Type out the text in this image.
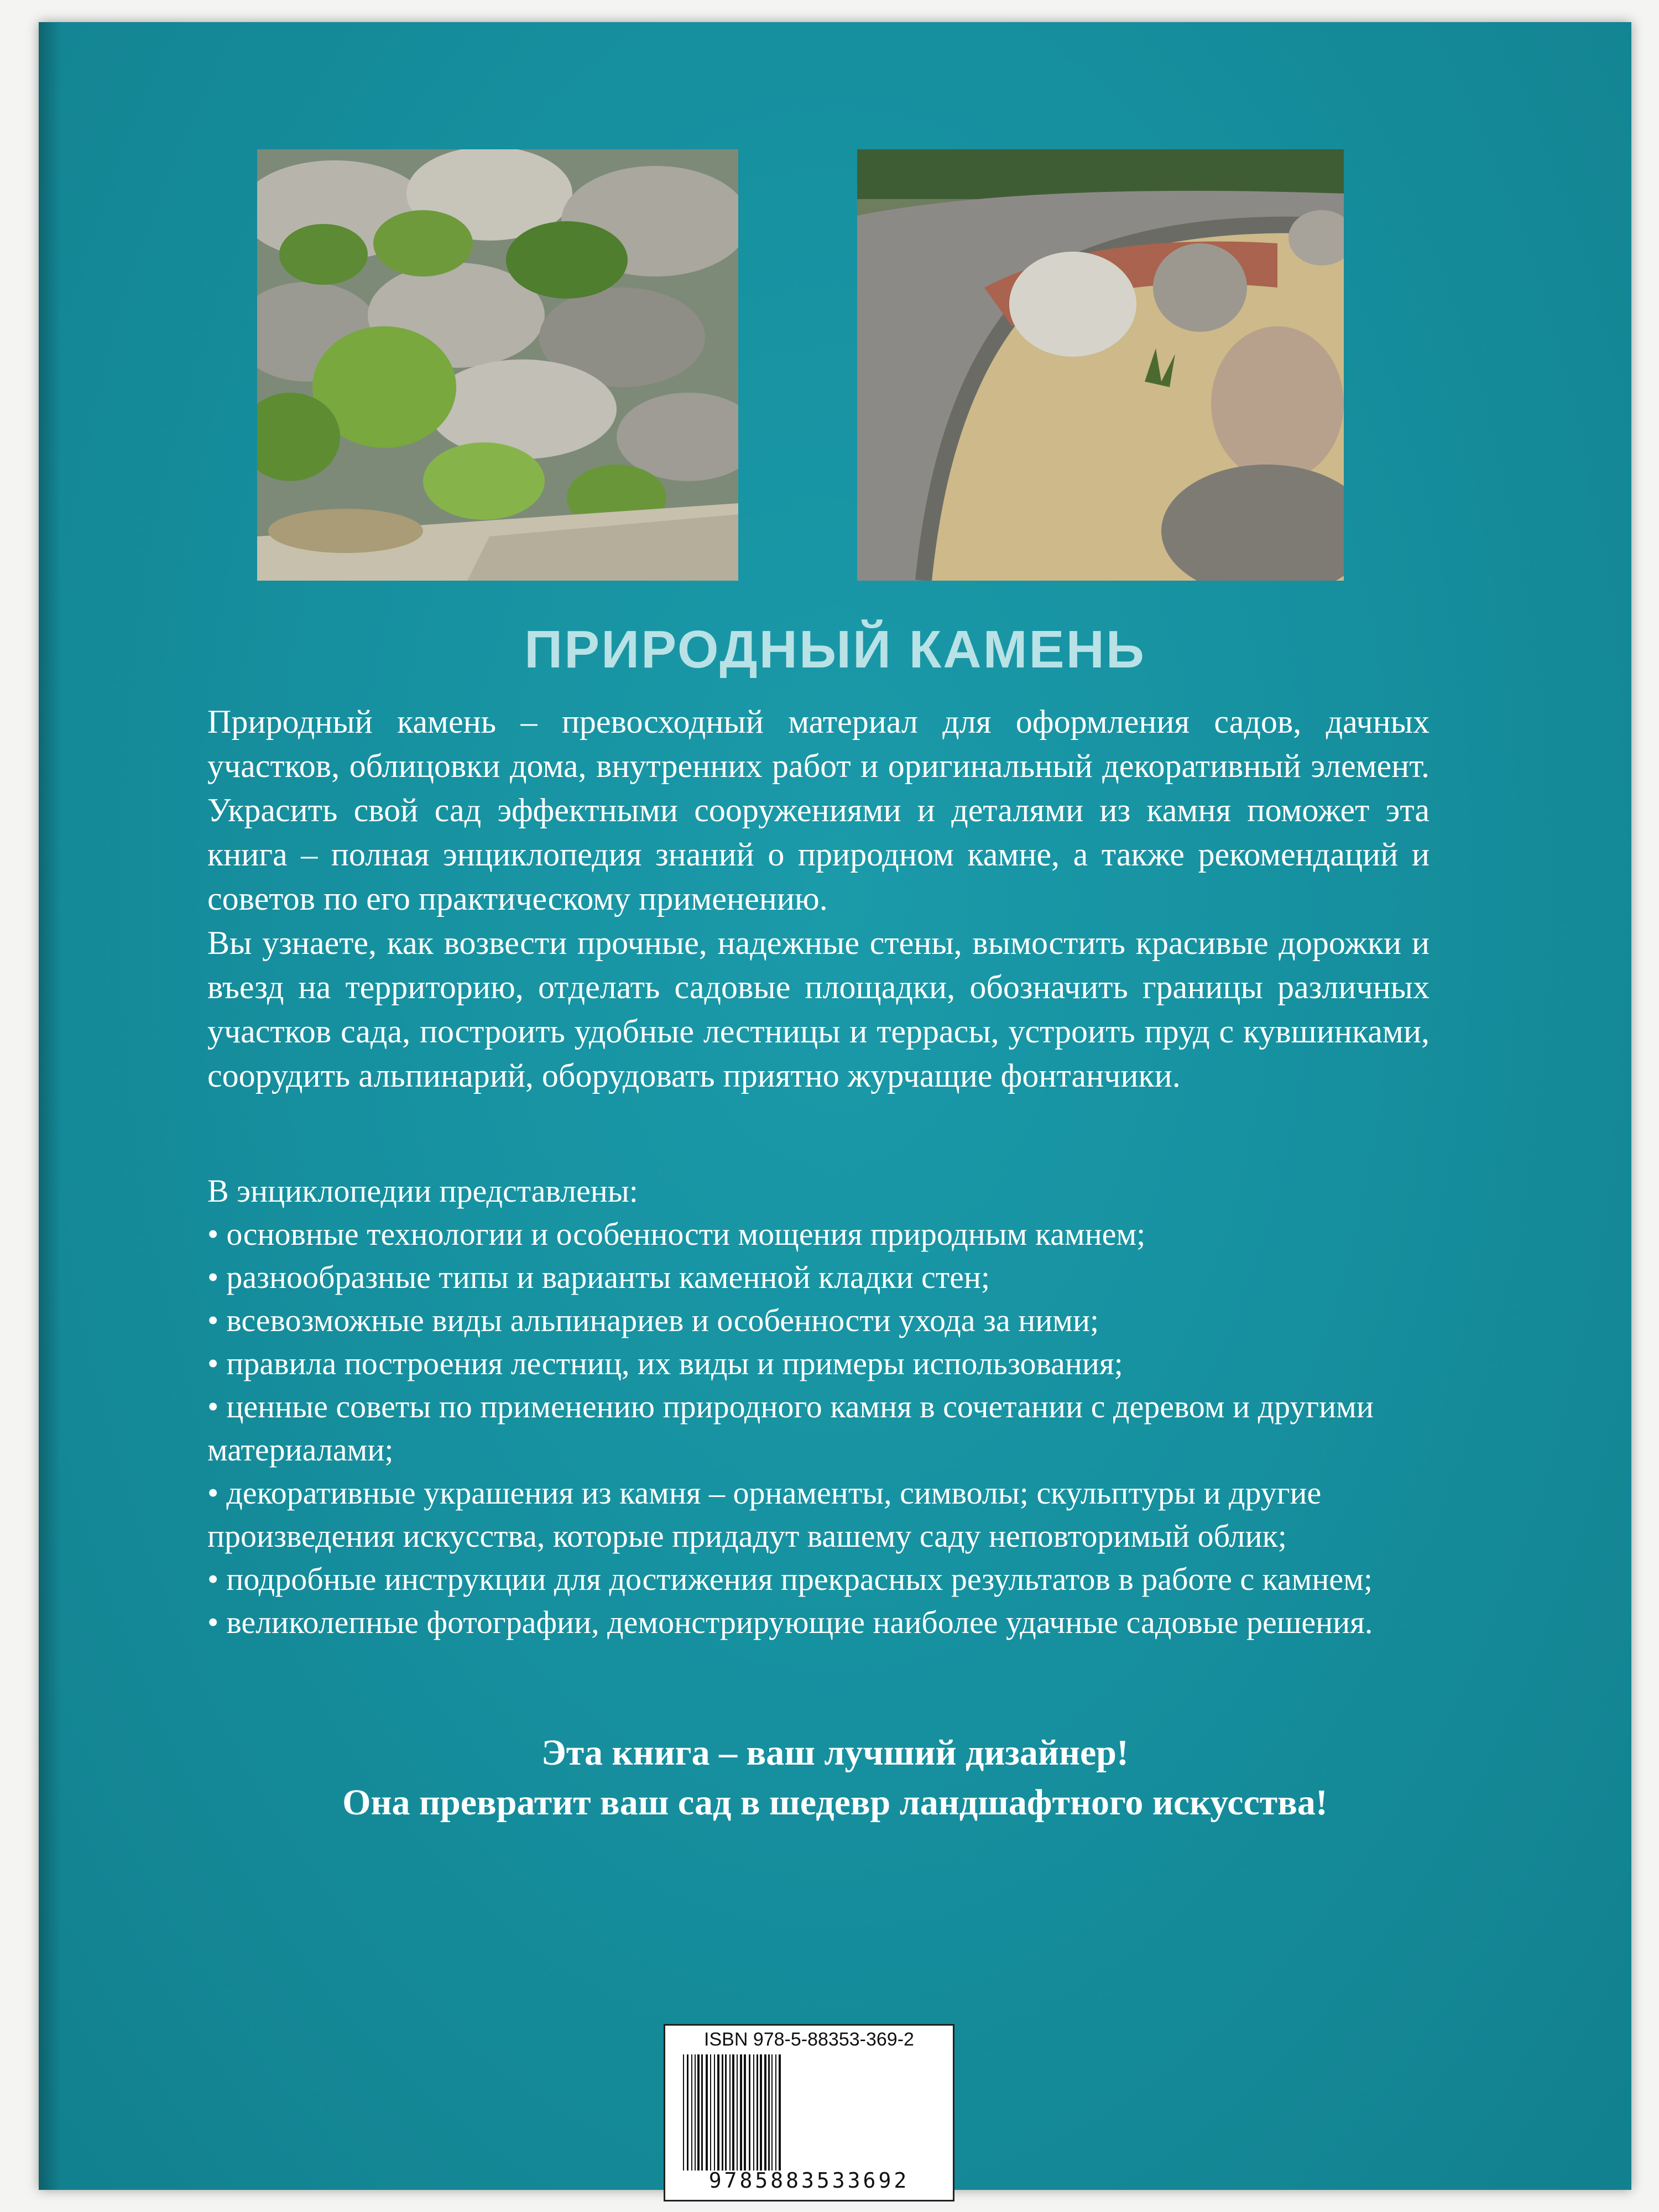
ПРИРОДНЫЙ КАМЕНЬ

Природный камень – превосходный материал для оформления садов, дачных участков, облицовки дома, внутренних работ и оригинальный декоративный элемент. Украсить свой сад эффектными сооружениями и деталями из камня поможет эта книга – полная энциклопедия знаний о природном камне, а также рекомендаций и советов по его практическому применению.

Вы узнаете, как возвести прочные, надежные стены, вымостить красивые дорожки и въезд на территорию, отделать садовые площадки, обозначить границы различных участков сада, построить удобные лестницы и террасы, устроить пруд с кувшинками, соорудить альпинарий, оборудовать приятно журчащие фонтанчики.

В энциклопедии представлены:

• основные технологии и особенности мощения природным камнем;
• разнообразные типы и варианты каменной кладки стен;
• всевозможные виды альпинариев и особенности ухода за ними;
• правила построения лестниц, их виды и примеры использования;
• ценные советы по применению природного камня в сочетании с деревом и другими материалами;
• декоративные украшения из камня – орнаменты, символы; скульптуры и другие произведения искусства, которые придадут вашему саду неповторимый облик;
• подробные инструкции для достижения прекрасных результатов в работе с камнем;
• великолепные фотографии, демонстрирующие наиболее удачные садовые решения.
Эта книга – ваш лучший дизайнер!
Она превратит ваш сад в шедевр ландшафтного искусства!
ISBN 978-5-88353-369-2
9785883533692
